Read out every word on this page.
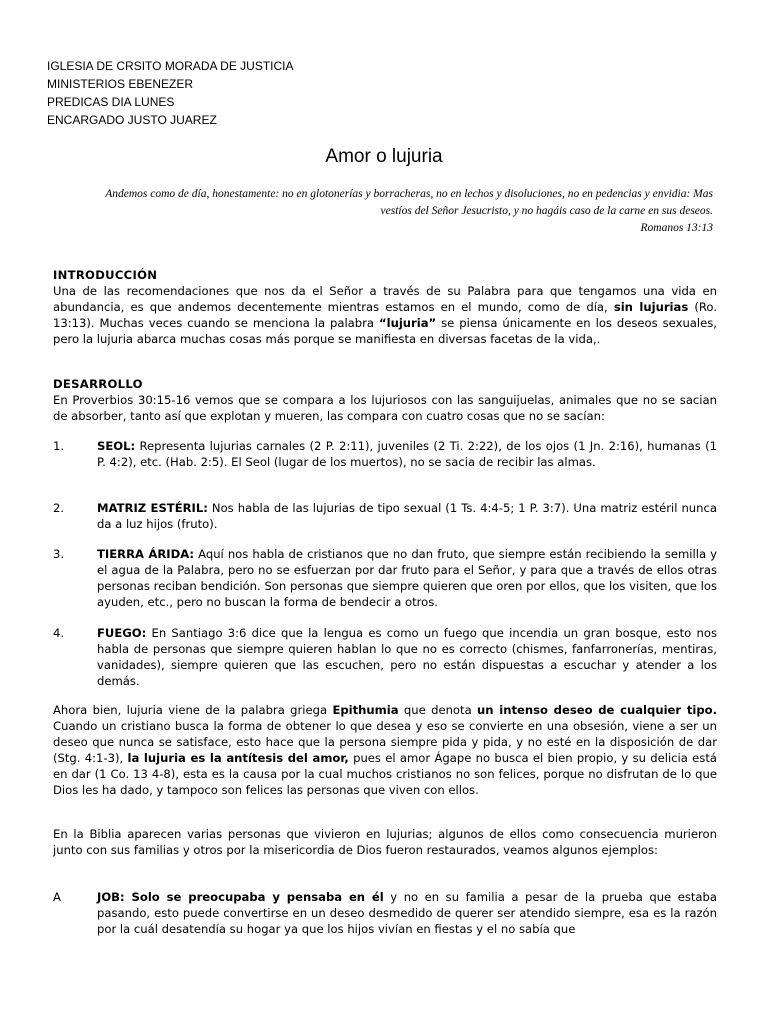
IGLESIA DE CRSITO MORADA DE JUSTICIA
MINISTERIOS EBENEZER
PREDICAS DIA LUNES
ENCARGADO JUSTO JUAREZ
Amor o lujuria
Andemos como de día, honestamente: no en glotonerías y borracheras, no en lechos y disoluciones, no en pedencias y envidia: Mas vestíos del Señor Jesucristo, y no hagáis caso de la carne en sus deseos.
Romanos 13:13
INTRODUCCIÓN
Una de las recomendaciones que nos da el Señor a través de su Palabra para que tengamos una vida en abundancia, es que andemos decentemente mientras estamos en el mundo, como de día, sin lujurias (Ro. 13:13). Muchas veces cuando se menciona la palabra “lujuria” se piensa únicamente en los deseos sexuales, pero la lujuria abarca muchas cosas más porque se manifiesta en diversas facetas de la vida,.
DESARROLLO
En Proverbios 30:15-16 vemos que se compara a los lujuriosos con las sanguijuelas, animales que no se sacian de absorber, tanto así que explotan y mueren, las compara con cuatro cosas que no se sacían:
1.	SEOL: Representa lujurias carnales (2 P. 2:11), juveniles (2 Ti. 2:22), de los ojos (1 Jn. 2:16), humanas (1 P. 4:2), etc. (Hab. 2:5). El Seol (lugar de los muertos), no se sacia de recibir las almas.
2.	MATRIZ ESTÉRIL: Nos habla de las lujurias de tipo sexual (1 Ts. 4:4-5; 1 P. 3:7). Una matriz estéril nunca da a luz hijos (fruto).
3.	TIERRA ÁRIDA: Aquí nos habla de cristianos que no dan fruto, que siempre están recibiendo la semilla y el agua de la Palabra, pero no se esfuerzan por dar fruto para el Señor, y para que a través de ellos otras personas reciban bendición. Son personas que siempre quieren que oren por ellos, que los visiten, que los ayuden, etc., pero no buscan la forma de bendecir a otros.
4.	FUEGO: En Santiago 3:6 dice que la lengua es como un fuego que incendia un gran bosque, esto nos habla de personas que siempre quieren hablan lo que no es correcto (chismes, fanfarronerías, mentiras, vanidades), siempre quieren que las escuchen, pero no están dispuestas a escuchar y atender a los demás.
Ahora bien, lujuria viene de la palabra griega Epithumia que denota un intenso deseo de cualquier tipo. Cuando un cristiano busca la forma de obtener lo que desea y eso se convierte en una obsesión, viene a ser un deseo que nunca se satisface, esto hace que la persona siempre pida y pida, y no esté en la disposición de dar (Stg. 4:1-3), la lujuria es la antítesis del amor, pues el amor Ágape no busca el bien propio, y su delicia está en dar (1 Co. 13 4-8), esta es la causa por la cual muchos cristianos no son felices, porque no disfrutan de lo que Dios les ha dado, y tampoco son felices las personas que viven con ellos.
En la Biblia aparecen varias personas que vivieron en lujurias; algunos de ellos como consecuencia murieron junto con sus familias y otros por la misericordia de Dios fueron restaurados, veamos algunos ejemplos:
A	JOB: Solo se preocupaba y pensaba en él y no en su familia a pesar de la prueba que estaba pasando, esto puede convertirse en un deseo desmedido de querer ser atendido siempre, esa es la razón por la cuál desatendía su hogar ya que los hijos vivían en fiestas y el no sabía que
